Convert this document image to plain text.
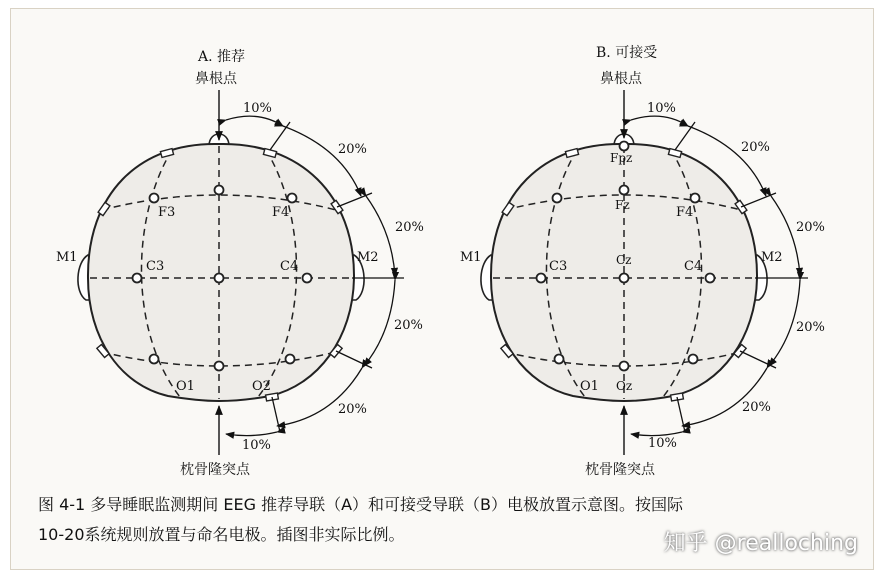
F3	F4
C3	C4
O1	O2
M1	M2
A. 推荐
鼻根点
枕骨隆突点
10%
20%
20%
20%
20%
10%
Fpz
Fz
Cz
Oz
F4
C3	C4
O1
M1	M2
B. 可接受
鼻根点
枕骨隆突点
10%
20%
20%
20%
20%
10%
图 4-1 多导睡眠监测期间 EEG 推荐导联（A）和可接受导联（B）电极放置示意图。按国际
10-20系统规则放置与命名电极。插图非实际比例。	知乎 @realloching
